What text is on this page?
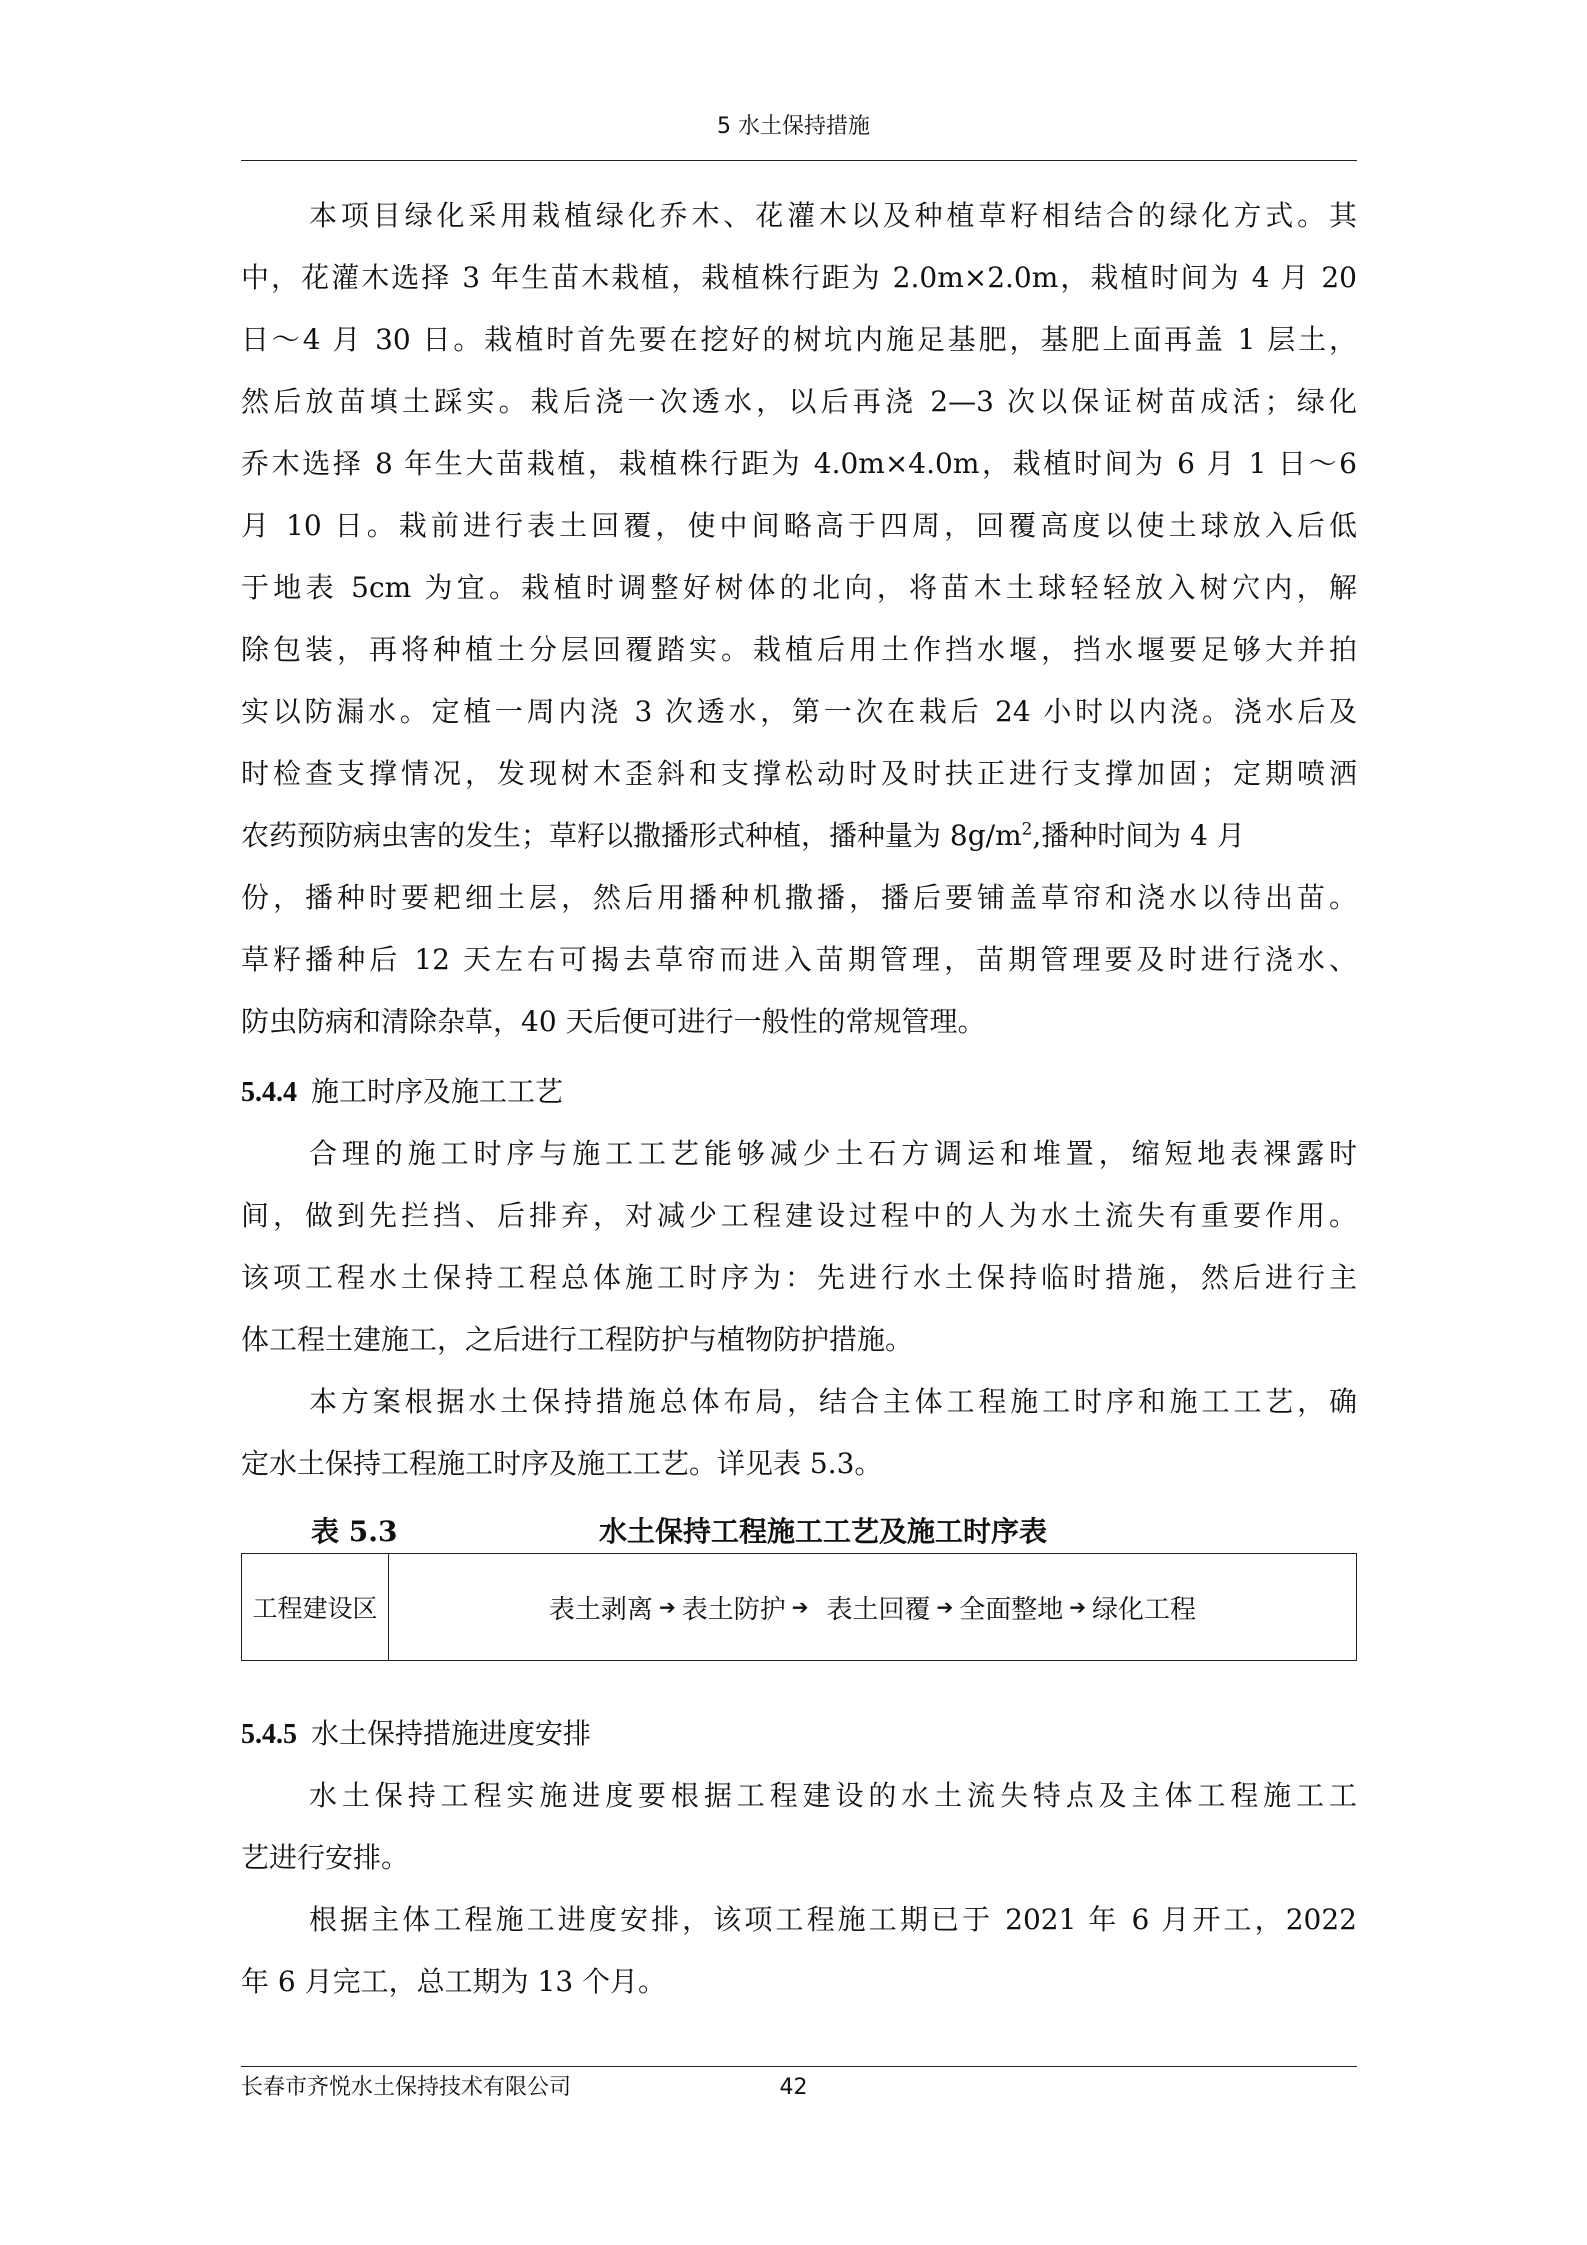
5 水土保持措施
本项目绿化采用栽植绿化乔木、花灌木以及种植草籽相结合的绿化方式。其
中，花灌木选择 3 年生苗木栽植，栽植株行距为 2.0m×2.0m，栽植时间为 4 月 20
日～4 月 30 日。栽植时首先要在挖好的树坑内施足基肥，基肥上面再盖 1 层土，
然后放苗填土踩实。栽后浇一次透水，以后再浇 2—3 次以保证树苗成活；绿化
乔木选择 8 年生大苗栽植，栽植株行距为 4.0m×4.0m，栽植时间为 6 月 1 日～6
月 10 日。栽前进行表土回覆，使中间略高于四周，回覆高度以使土球放入后低
于地表 5cm 为宜。栽植时调整好树体的北向，将苗木土球轻轻放入树穴内，解
除包装，再将种植土分层回覆踏实。栽植后用土作挡水堰，挡水堰要足够大并拍
实以防漏水。定植一周内浇 3 次透水，第一次在栽后 24 小时以内浇。浇水后及
时检查支撑情况，发现树木歪斜和支撑松动时及时扶正进行支撑加固；定期喷洒
农药预防病虫害的发生；草籽以撒播形式种植，播种量为 $8g/m^2$,播种时间为 4 月
份，播种时要耙细土层，然后用播种机撒播，播后要铺盖草帘和浇水以待出苗。
草籽播种后 12 天左右可揭去草帘而进入苗期管理，苗期管理要及时进行浇水、
防虫防病和清除杂草，40 天后便可进行一般性的常规管理。
5.4.4 施工时序及施工工艺
合理的施工时序与施工工艺能够减少土石方调运和堆置，缩短地表裸露时
间，做到先拦挡、后排弃，对减少工程建设过程中的人为水土流失有重要作用。
该项工程水土保持工程总体施工时序为：先进行水土保持临时措施，然后进行主
体工程土建施工，之后进行工程防护与植物防护措施。
本方案根据水土保持措施总体布局，结合主体工程施工时序和施工工艺，确
定水土保持工程施工时序及施工工艺。详见表 5.3。
表 5.3	水土保持工程施工工艺及施工时序表
工程建设区	表土剥离 ➔ 表土防护 ➔ 表土回覆 ➔ 全面整地 ➔ 绿化工程
5.4.5 水土保持措施进度安排
水土保持工程实施进度要根据工程建设的水土流失特点及主体工程施工工
艺进行安排。
根据主体工程施工进度安排，该项工程施工期已于 2021 年 6 月开工，2022
年 6 月完工，总工期为 13 个月。
长春市齐悦水土保持技术有限公司	42
